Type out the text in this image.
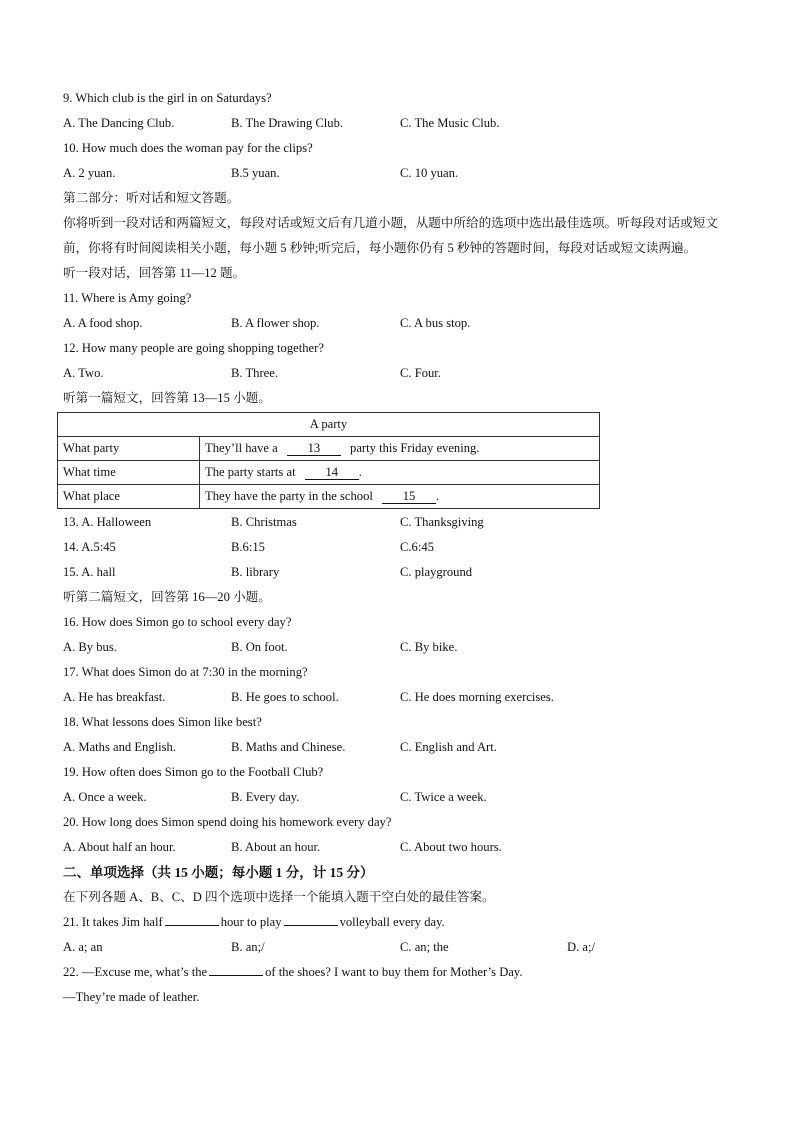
9. Which club is the girl in on Saturdays?
A. The Dancing Club.	B. The Drawing Club.	C. The Music Club.
10. How much does the woman pay for the clips?
A. 2 yuan.	B.5 yuan.	C. 10 yuan.
第二部分：听对话和短文答题。
你将听到一段对话和两篇短文，每段对话或短文后有几道小题，从题中所给的选项中选出最佳选项。听每段对话或短文前，你将有时间阅读相关小题，每小题 5 秒钟;听完后，每小题你仍有 5 秒钟的答题时间，每段对话或短文读两遍。
听一段对话，回答第 11—12 题。
11. Where is Amy going?
A. A food shop.	B. A flower shop.	C. A bus stop.
12. How many people are going shopping together?
A. Two.	B. Three.	C. Four.
听第一篇短文，回答第 13—15 小题。
A party	
What party	They’ll have a 13 party this Friday evening.
What time	The party starts at 14 .
What place	They have the party in the school 15 .
13. A. Halloween	B. Christmas	C. Thanksgiving
14. A.5:45	B.6:15	C.6:45
15. A. hall	B. library	C. playground
听第二篇短文，回答第 16—20 小题。
16. How does Simon go to school every day?
A. By bus.	B. On foot.	C. By bike.
17. What does Simon do at 7:30 in the morning?
A. He has breakfast.	B. He goes to school.	C. He does morning exercises.
18. What lessons does Simon like best?
A. Maths and English.	B. Maths and Chinese.	C. English and Art.
19. How often does Simon go to the Football Club?
A. Once a week.	B. Every day.	C. Twice a week.
20. How long does Simon spend doing his homework every day?
A. About half an hour.	B. About an hour.	C. About two hours.
二、单项选择（共 15 小题；每小题 1 分，计 15 分）
在下列各题 A、B、C、D 四个选项中选择一个能填入题干空白处的最佳答案。
21. It takes Jim half	hour to play	volleyball every day.
A. a; an	B. an;/	C. an; the	D. a;/
22. —Excuse me, what’s the	of the shoes? I want to buy them for Mother’s Day.
—They’re made of leather.
